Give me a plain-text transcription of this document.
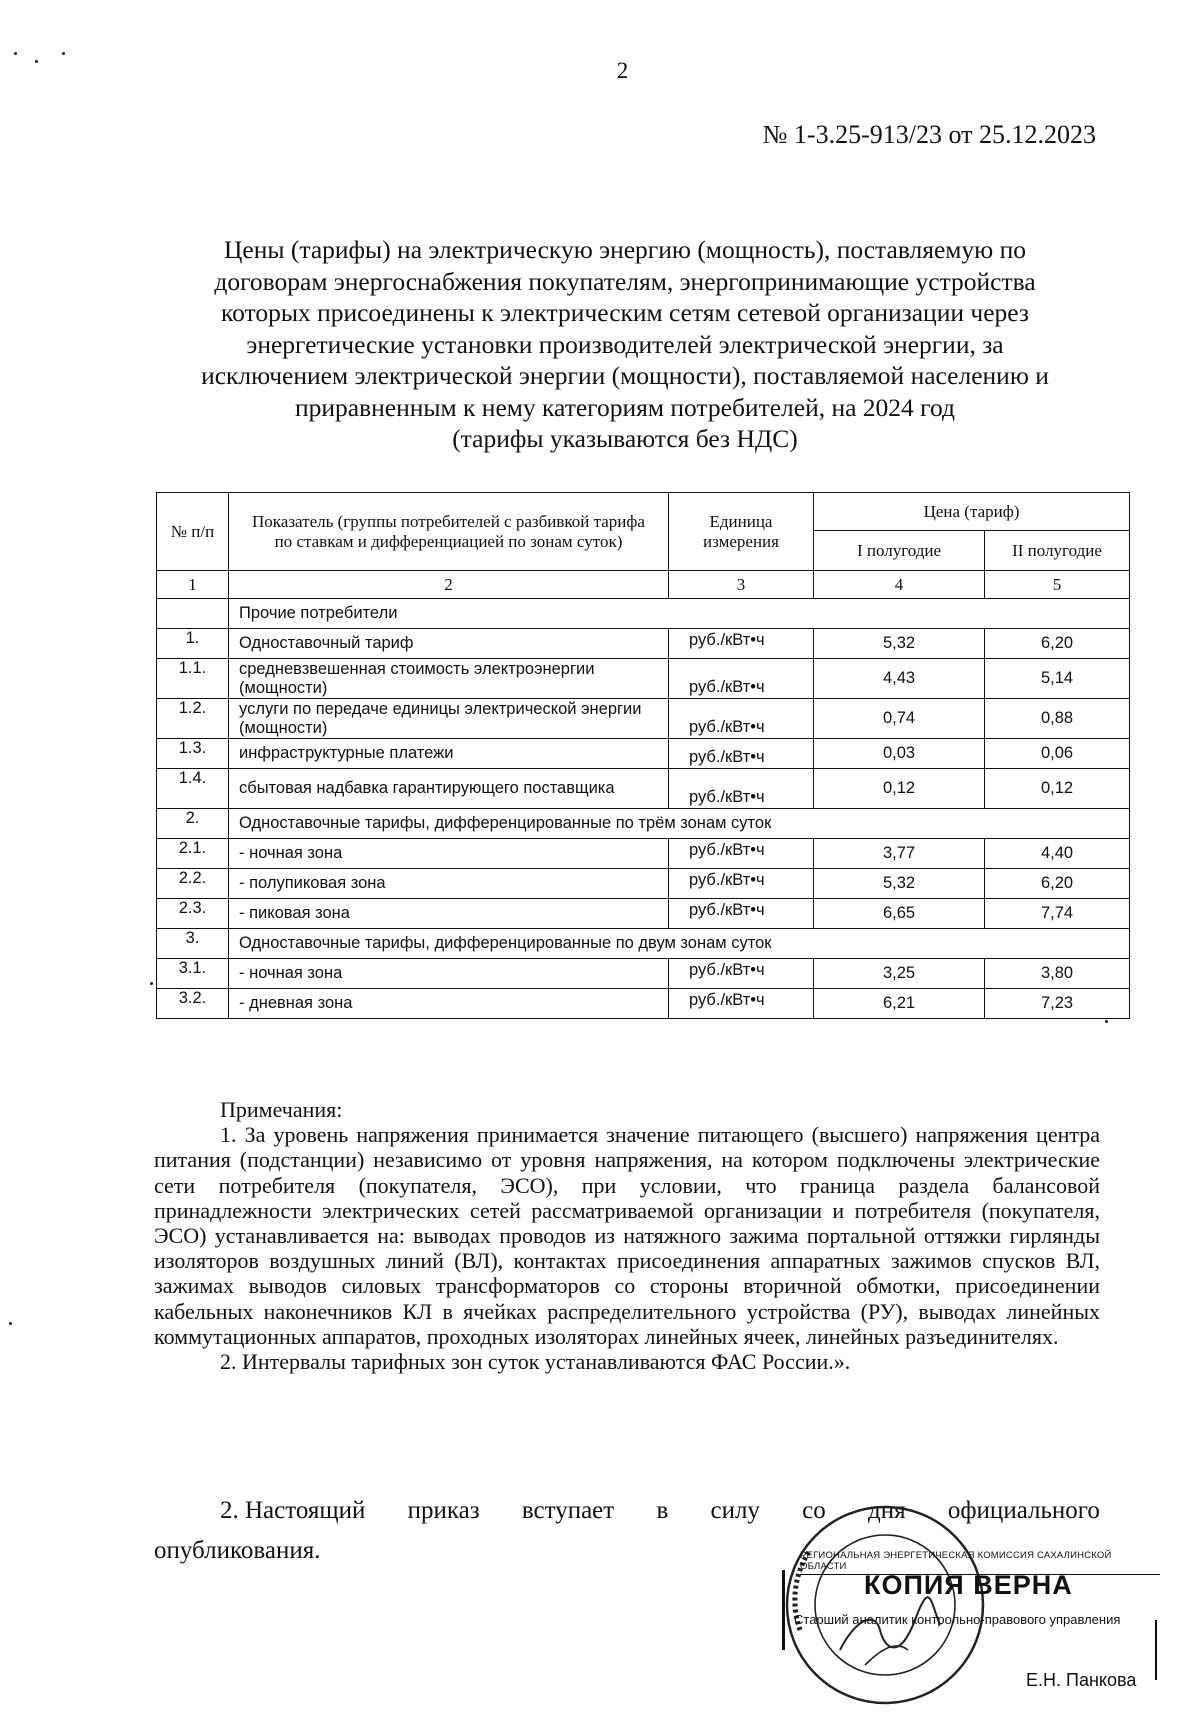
2
№ 1-3.25-913/23 от 25.12.2023
Цены (тарифы) на электрическую энергию (мощность), поставляемую по
договорам энергоснабжения покупателям, энергопринимающие устройства
которых присоединены к электрическим сетям сетевой организации через
энергетические установки производителей электрической энергии, за
исключением электрической энергии (мощности), поставляемой населению и
приравненным к нему категориям потребителей, на 2024 год
(тарифы указываются без НДС)
№ п/п	Показатель (группы потребителей с разбивкой тарифа по ставкам и дифференциацией по зонам суток)	Единица измерения	Цена (тариф)	
			I полугодие	II полугодие
1	2	3	4	5
	Прочие потребители			
1.	Одноставочный тариф	руб./кВт•ч	5,32	6,20
1.1.	средневзвешенная стоимость электроэнергии (мощности)	руб./кВт•ч	4,43	5,14
1.2.	услуги по передаче единицы электрической энергии (мощности)	руб./кВт•ч	0,74	0,88
1.3.	инфраструктурные платежи	руб./кВт•ч	0,03	0,06
1.4.	сбытовая надбавка гарантирующего поставщика	руб./кВт•ч	0,12	0,12
2.	Одноставочные тарифы, дифференцированные по трём зонам суток			
2.1.	- ночная зона	руб./кВт•ч	3,77	4,40
2.2.	- полупиковая зона	руб./кВт•ч	5,32	6,20
2.3.	- пиковая зона	руб./кВт•ч	6,65	7,74
3.	Одноставочные тарифы, дифференцированные по двум зонам суток			
3.1.	- ночная зона	руб./кВт•ч	3,25	3,80
3.2.	- дневная зона	руб./кВт•ч	6,21	7,23

Примечания:

1. За уровень напряжения принимается значение питающего (высшего) напряжения центра питания (подстанции) независимо от уровня напряжения, на котором подключены электрические сети потребителя (покупателя, ЭСО), при условии, что граница раздела балансовой принадлежности электрических сетей рассматриваемой организации и потребителя (покупателя, ЭСО) устанавливается на: выводах проводов из натяжного зажима портальной оттяжки гирлянды изоляторов воздушных линий (ВЛ), контактах присоединения аппаратных зажимов спусков ВЛ, зажимах выводов силовых трансформаторов со стороны вторичной обмотки, присоединении кабельных наконечников КЛ в ячейках распределительного устройства (РУ), выводах линейных коммутационных аппаратов, проходных изоляторах линейных ячеек, линейных разъединителях.

2. Интервалы тарифных зон суток устанавливаются ФАС России.».

2. Настоящий приказ вступает в силу со дня официального
опубликования.	РЕГИОНАЛЬНАЯ ЭНЕРГЕТИЧЕСКАЯ КОМИССИЯ САХАЛИНСКОЙ ОБЛАСТИ
КОПИЯ ВЕРНА
Старший аналитик контрольно-правового управления
Е.Н. Панкова
